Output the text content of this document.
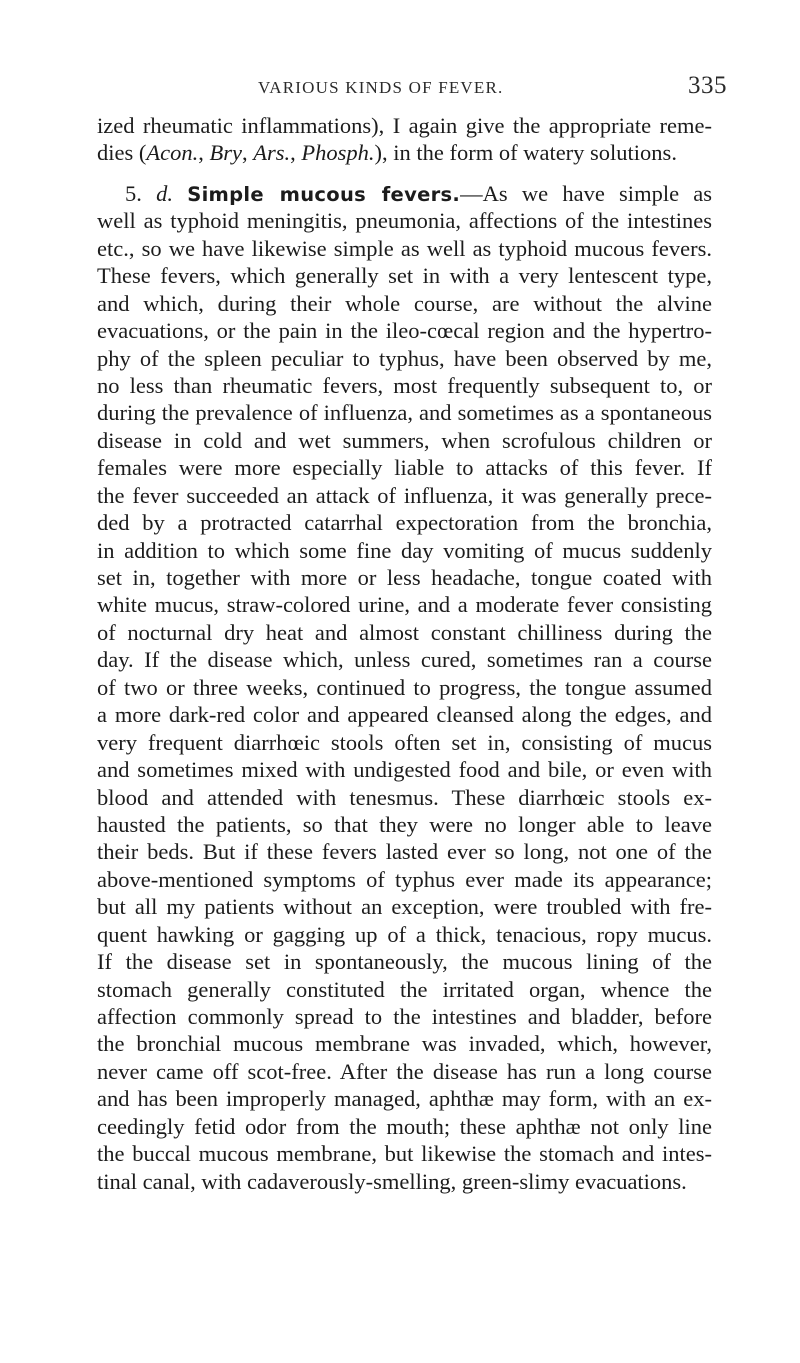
VARIOUS KINDS OF FEVER.	335
ized rheumatic inflammations), I again give the appropriate reme-
dies (Acon., Bry, Ars., Phosph.), in the form of watery solutions.
5. d. Simple mucous fevers.—As we have simple as
well as typhoid meningitis, pneumonia, affections of the intestines
etc., so we have likewise simple as well as typhoid mucous fevers.
These fevers, which generally set in with a very lentescent type,
and which, during their whole course, are without the alvine
evacuations, or the pain in the ileo-cœcal region and the hypertro-
phy of the spleen peculiar to typhus, have been observed by me,
no less than rheumatic fevers, most frequently subsequent to, or
during the prevalence of influenza, and sometimes as a spontaneous
disease in cold and wet summers, when scrofulous children or
females were more especially liable to attacks of this fever. If
the fever succeeded an attack of influenza, it was generally prece-
ded by a protracted catarrhal expectoration from the bronchia,
in addition to which some fine day vomiting of mucus suddenly
set in, together with more or less headache, tongue coated with
white mucus, straw-colored urine, and a moderate fever consisting
of nocturnal dry heat and almost constant chilliness during the
day. If the disease which, unless cured, sometimes ran a course
of two or three weeks, continued to progress, the tongue assumed
a more dark-red color and appeared cleansed along the edges, and
very frequent diarrhœic stools often set in, consisting of mucus
and sometimes mixed with undigested food and bile, or even with
blood and attended with tenesmus. These diarrhœic stools ex-
hausted the patients, so that they were no longer able to leave
their beds. But if these fevers lasted ever so long, not one of the
above-mentioned symptoms of typhus ever made its appearance;
but all my patients without an exception, were troubled with fre-
quent hawking or gagging up of a thick, tenacious, ropy mucus.
If the disease set in spontaneously, the mucous lining of the
stomach generally constituted the irritated organ, whence the
affection commonly spread to the intestines and bladder, before
the bronchial mucous membrane was invaded, which, however,
never came off scot-free. After the disease has run a long course
and has been improperly managed, aphthæ may form, with an ex-
ceedingly fetid odor from the mouth; these aphthæ not only line
the buccal mucous membrane, but likewise the stomach and intes-
tinal canal, with cadaverously-smelling, green-slimy evacuations.
